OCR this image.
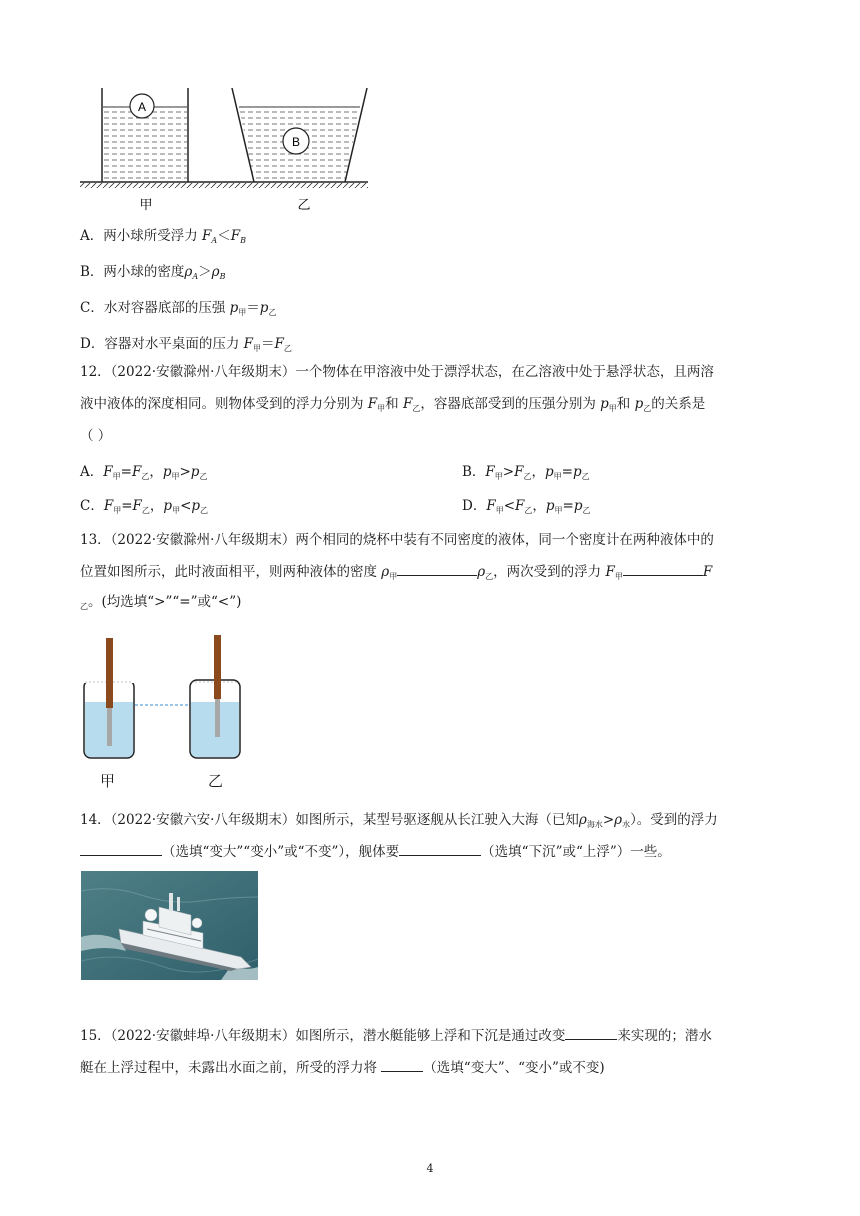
A
B
甲	乙
A．两小球所受浮力 $F_A<F_B$
B．两小球的密度$\rho_A>\rho_B$
C．水对容器底部的压强 $p_甲=p_乙$
D．容器对水平桌面的压力 $F_甲=F_乙$
12．（2022·安徽滁州·八年级期末）一个物体在甲溶液中处于漂浮状态，在乙溶液中处于悬浮状态，且两溶
液中液体的深度相同。则物体受到的浮力分别为 $F_甲$和 $F_乙$，容器底部受到的压强分别为 $p_甲$和 $p_乙$的关系是
（ ）
A．$F_甲=F_乙$，$p_甲>p_乙$	B．$F_甲>F_乙$，$p_甲=p_乙$
C．$F_甲=F_乙$，$p_甲<p_乙$	D．$F_甲<F_乙$，$p_甲=p_乙$
13．（2022·安徽滁州·八年级期末）两个相同的烧杯中装有不同密度的液体，同一个密度计在两种液体中的
位置如图所示，此时液面相平，则两种液体的密度 $\rho_甲$	$\rho_乙$，两次受到的浮力 $F_甲$	F
$_乙$。(均选填“>”“=”或“<”)
甲	乙
14．（2022·安徽六安·八年级期末）如图所示，某型号驱逐舰从长江驶入大海（已知$\rho_{海水}>\rho_水$）。受到的浮力
（选填“变大”“变小”或“不变”），舰体要	（选填“下沉”或“上浮”）一些。
15．（2022·安徽蚌埠·八年级期末）如图所示，潜水艇能够上浮和下沉是通过改变	来实现的；潜水
艇在上浮过程中，未露出水面之前，所受的浮力将	（选填“变大”、“变小”或不变)
4
